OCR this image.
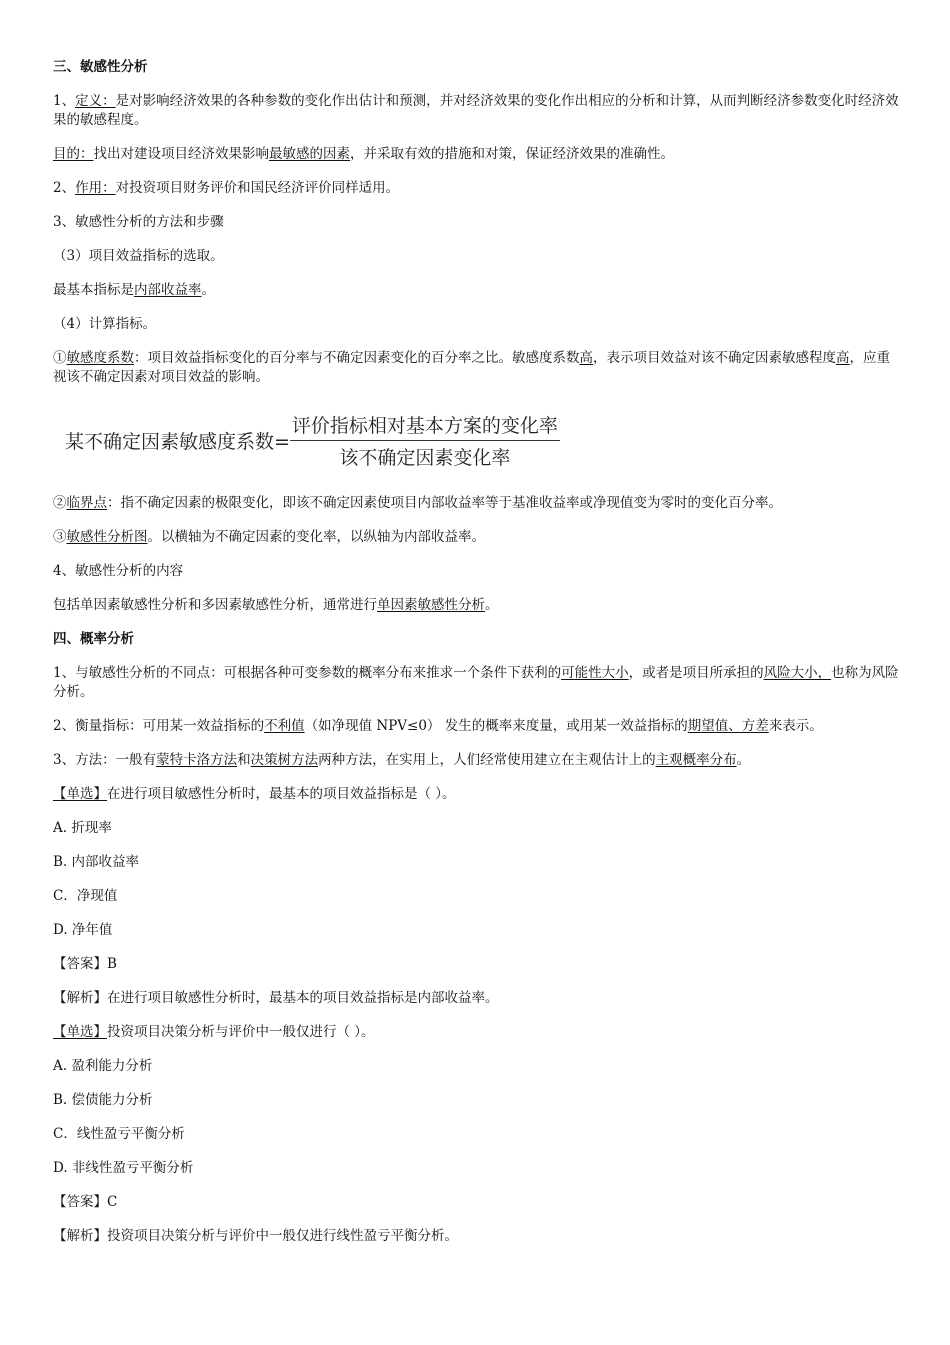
三、敏感性分析

1、定义：是对影响经济效果的各种参数的变化作出估计和预测，并对经济效果的变化作出相应的分析和计算，从而判断经济参数变化时经济效果的敏感程度。

目的：找出对建设项目经济效果影响最敏感的因素，并采取有效的措施和对策，保证经济效果的准确性。

2、作用：对投资项目财务评价和国民经济评价同样适用。

3、敏感性分析的方法和步骤

（3）项目效益指标的选取。

最基本指标是内部收益率。

（4）计算指标。

①敏感度系数：项目效益指标变化的百分率与不确定因素变化的百分率之比。敏感度系数高，表示项目效益对该不确定因素敏感程度高，应重视该不确定因素对项目效益的影响。

某不确定因素敏感度系数= $\frac{\text{评价指标相对基本方案的变化率}}{\text{该不确定因素变化率}}$

②临界点：指不确定因素的极限变化，即该不确定因素使项目内部收益率等于基准收益率或净现值变为零时的变化百分率。

③敏感性分析图。以横轴为不确定因素的变化率，以纵轴为内部收益率。

4、敏感性分析的内容

包括单因素敏感性分析和多因素敏感性分析，通常进行单因素敏感性分析。

四、概率分析

1、与敏感性分析的不同点：可根据各种可变参数的概率分布来推求一个条件下获利的可能性大小，或者是项目所承担的风险大小，也称为风险分析。

2、衡量指标：可用某一效益指标的不利值（如净现值 NPV≤0） 发生的概率来度量，或用某一效益指标的期望值、方差来表示。

3、方法：一般有蒙特卡洛方法和决策树方法两种方法，在实用上，人们经常使用建立在主观估计上的主观概率分布。

【单选】在进行项目敏感性分析时，最基本的项目效益指标是（ ）。

A. 折现率

B. 内部收益率

C．净现值

D. 净年值

【答案】B

【解析】在进行项目敏感性分析时，最基本的项目效益指标是内部收益率。

【单选】投资项目决策分析与评价中一般仅进行（ ）。

A. 盈利能力分析

B. 偿债能力分析

C．线性盈亏平衡分析

D. 非线性盈亏平衡分析

【答案】C

【解析】投资项目决策分析与评价中一般仅进行线性盈亏平衡分析。
